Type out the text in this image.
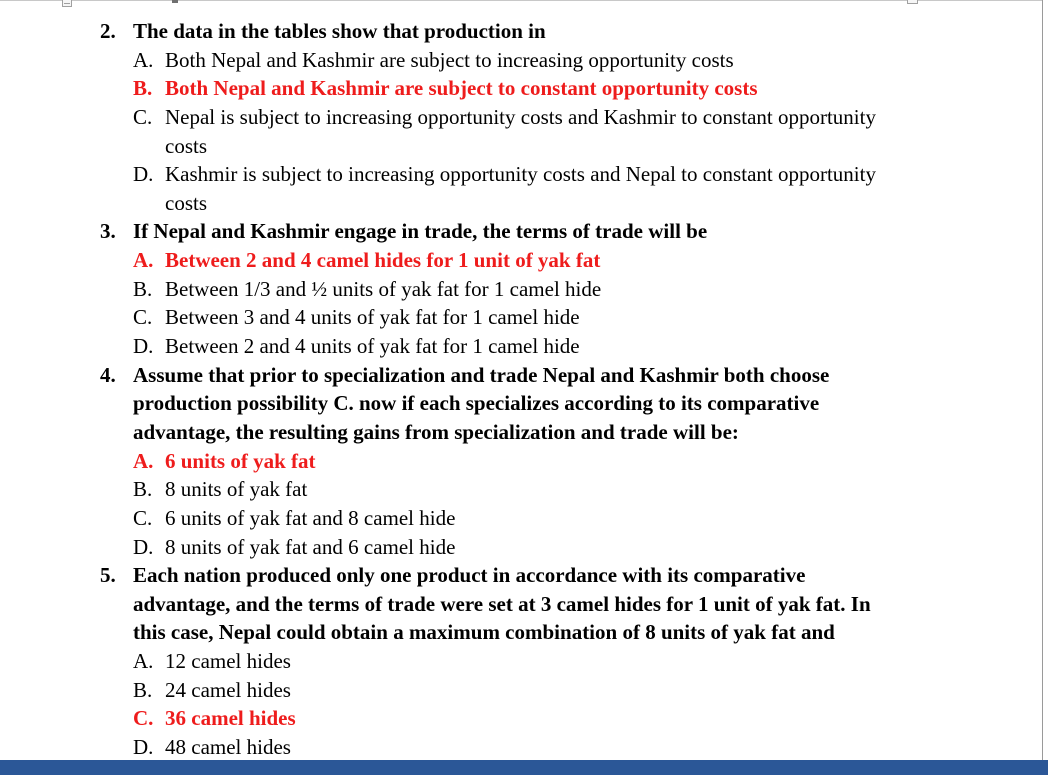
2. The data in the tables show that production in
A. Both Nepal and Kashmir are subject to increasing opportunity costs
B. Both Nepal and Kashmir are subject to constant opportunity costs
C. Nepal is subject to increasing opportunity costs and Kashmir to constant opportunity
costs
D. Kashmir is subject to increasing opportunity costs and Nepal to constant opportunity
costs
3. If Nepal and Kashmir engage in trade, the terms of trade will be
A. Between 2 and 4 camel hides for 1 unit of yak fat
B. Between 1/3 and ½ units of yak fat for 1 camel hide
C. Between 3 and 4 units of yak fat for 1 camel hide
D. Between 2 and 4 units of yak fat for 1 camel hide
4. Assume that prior to specialization and trade Nepal and Kashmir both choose
production possibility C. now if each specializes according to its comparative
advantage, the resulting gains from specialization and trade will be:
A. 6 units of yak fat
B. 8 units of yak fat
C. 6 units of yak fat and 8 camel hide
D. 8 units of yak fat and 6 camel hide
5. Each nation produced only one product in accordance with its comparative
advantage, and the terms of trade were set at 3 camel hides for 1 unit of yak fat. In
this case, Nepal could obtain a maximum combination of 8 units of yak fat and
A. 12 camel hides
B. 24 camel hides
C. 36 camel hides
D. 48 camel hides
